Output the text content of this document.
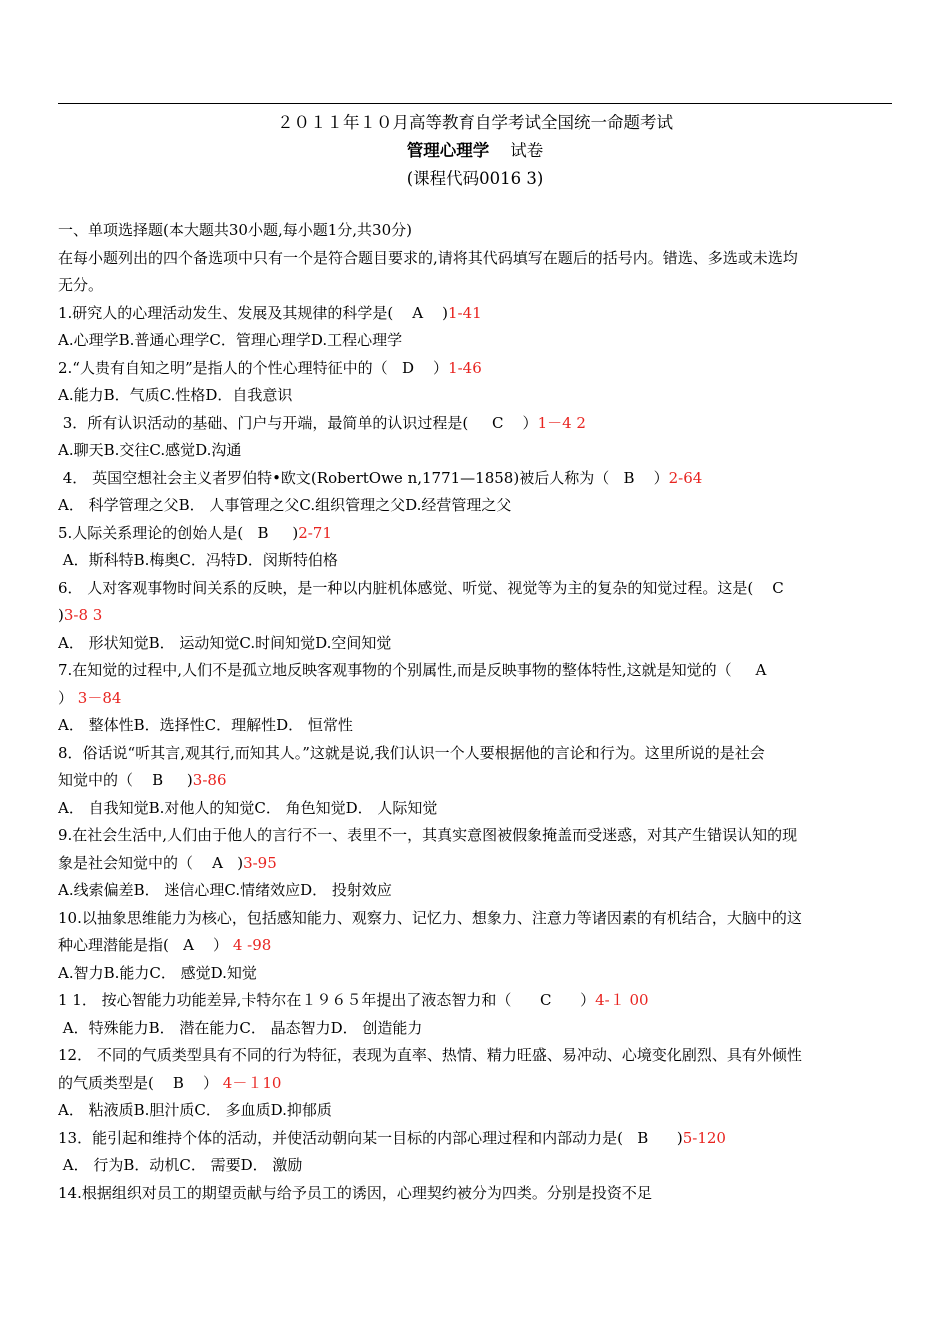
２０１１年１０月高等教育自学考试全国统一命题考试
管理心理学 试卷
(课程代码0016 3)
一、单项选择题(本大题共30小题,每小题1分,共30分)
在每小题列出的四个备选项中只有一个是符合题目要求的,请将其代码填写在题后的括号内。错选、多选或未选均
无分。
1.研究人的心理活动发生、发展及其规律的科学是(    A    )1-41
A.心理学B.普通心理学C．管理心理学D.工程心理学
2.“人贵有自知之明”是指人的个性心理特征中的（   D    ）1-46
A.能力B．气质C.性格D．自我意识
3．所有认识活动的基础、门户与开端，最简单的认识过程是(     C    ）1－4 2
A.聊天B.交往C.感觉D.沟通
4． 英国空想社会主义者罗伯特•欧文(RobertOwe n,1771—1858)被后人称为（   B    ）2-64
A． 科学管理之父B． 人事管理之父C.组织管理之父D.经营管理之父
5.人际关系理论的创始人是(   B     )2-71
A．斯科特B.梅奥C．冯特D．闵斯特伯格
6． 人对客观事物时间关系的反映，是一种以内脏机体感觉、听觉、视觉等为主的复杂的知觉过程。这是(    C
)3-8 3
A． 形状知觉B． 运动知觉C.时间知觉D.空间知觉
7.在知觉的过程中,人们不是孤立地反映客观事物的个别属性,而是反映事物的整体特性,这就是知觉的（     A
） 3－84
A． 整体性B．选择性C．理解性D． 恒常性
8．俗话说“听其言,观其行,而知其人。”这就是说,我们认识一个人要根据他的言论和行为。这里所说的是社会
知觉中的（    B     )3-86
A． 自我知觉B.对他人的知觉C． 角色知觉D． 人际知觉
9.在社会生活中,人们由于他人的言行不一、表里不一，其真实意图被假象掩盖而受迷惑，对其产生错误认知的现
象是社会知觉中的（    A   )3-95
A.线索偏差B． 迷信心理C.情绪效应D． 投射效应
10.以抽象思维能力为核心，包括感知能力、观察力、记忆力、想象力、注意力等诸因素的有机结合，大脑中的这
种心理潜能是指(   A    ） 4 -98
A.智力B.能力C． 感觉D.知觉
1 1． 按心智能力功能差异,卡特尔在１９６５年提出了液态智力和（      C      ）4-１ 00
A．特殊能力B． 潜在能力C． 晶态智力D． 创造能力
12． 不同的气质类型具有不同的行为特征，表现为直率、热情、精力旺盛、易冲动、心境变化剧烈、具有外倾性
的气质类型是(    B    ） 4－１10
A． 粘液质B.胆汁质C． 多血质D.抑郁质
13．能引起和维持个体的活动，并使活动朝向某一目标的内部心理过程和内部动力是(   B      )5-120
A． 行为B．动机C． 需要D． 激励
14.根据组织对员工的期望贡献与给予员工的诱因，心理契约被分为四类。分别是投资不足
